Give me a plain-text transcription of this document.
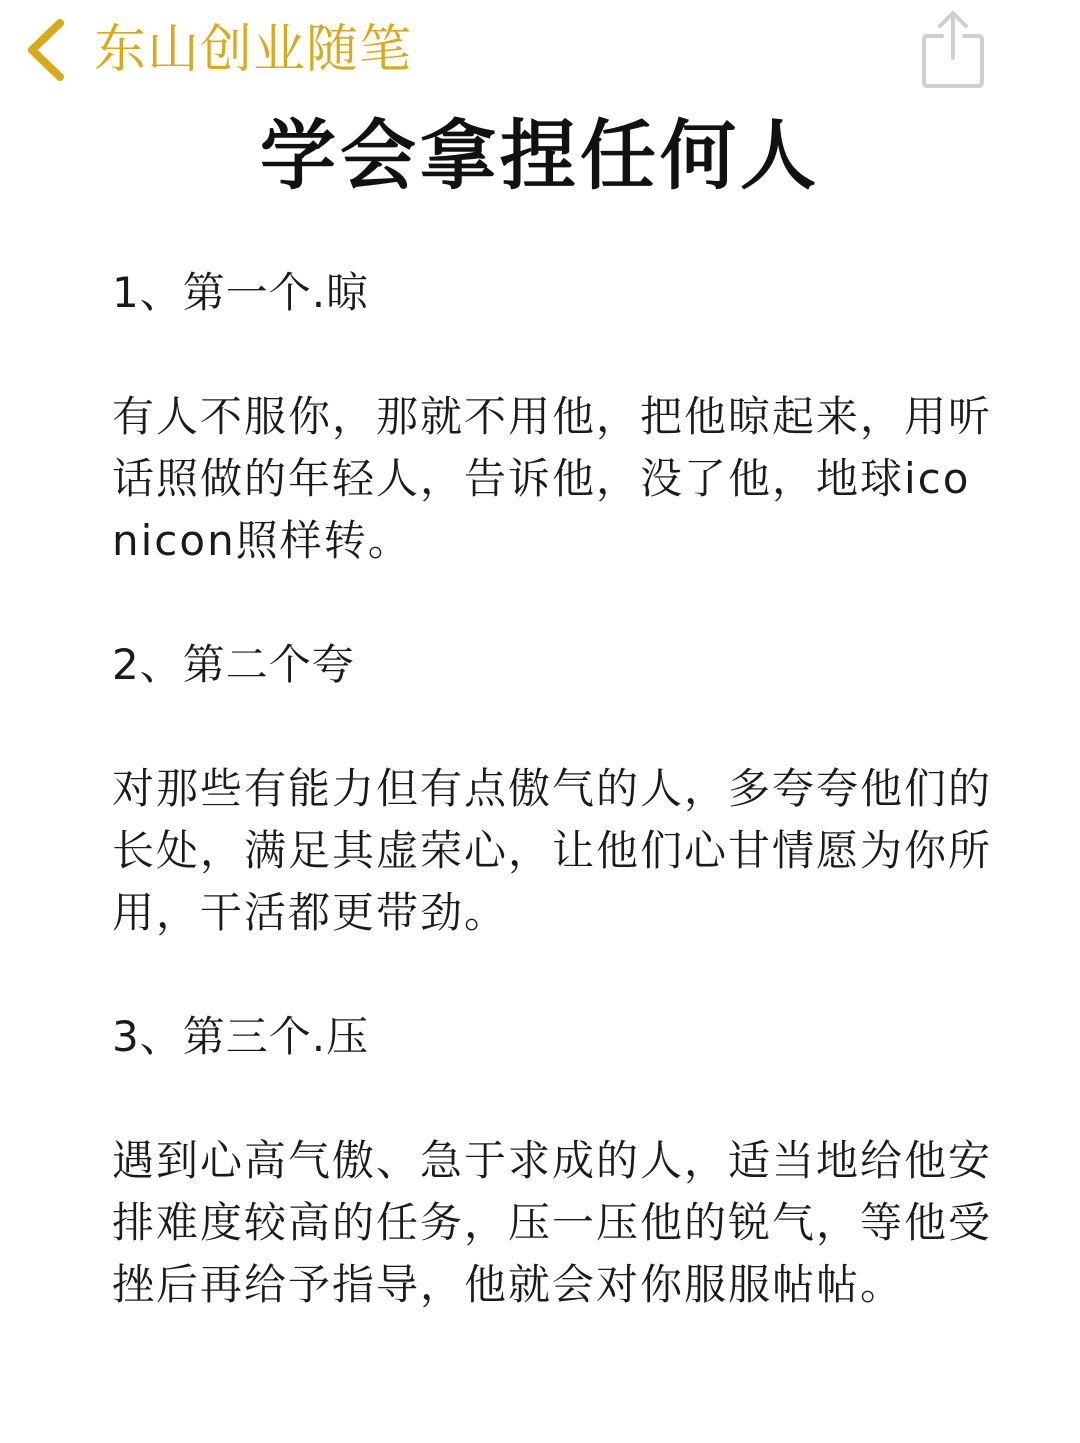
东山创业随笔
学会拿捏任何人

1、第一个.晾

有人不服你，那就不用他，把他晾起来，用听话照做的年轻人，告诉他，没了他，地球iconicon照样转。

2、第二个夸

对那些有能力但有点傲气的人，多夸夸他们的长处，满足其虚荣心，让他们心甘情愿为你所用，干活都更带劲。

3、第三个.压

遇到心高气傲、急于求成的人，适当地给他安排难度较高的任务，压一压他的锐气，等他受挫后再给予指导，他就会对你服服帖帖。
